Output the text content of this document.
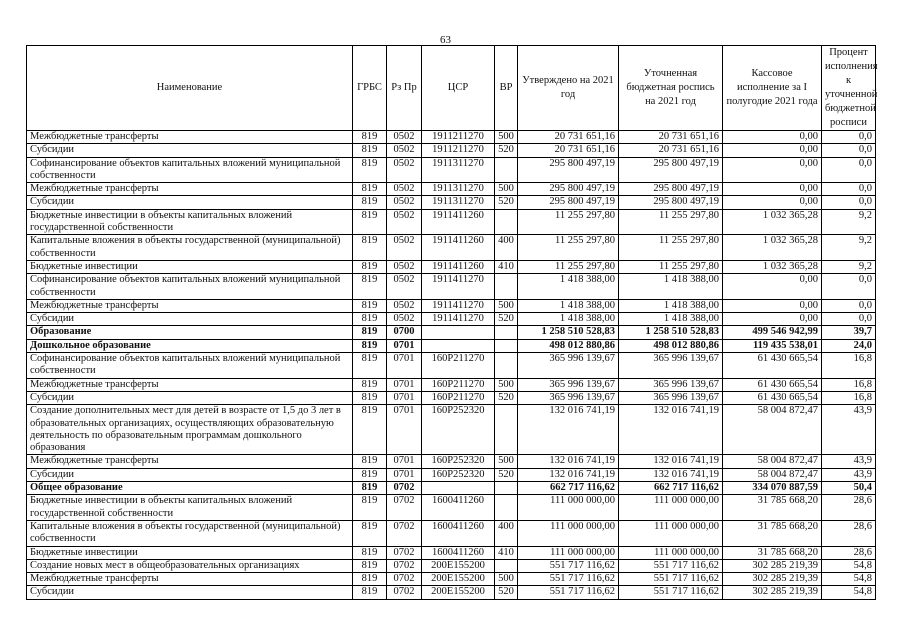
63
Наименование	ГРБС	Рз Пр	ЦСР	ВР	Утверждено на 2021 год	Уточненная бюджетная роспись на 2021 год	Кассовое исполнение за I полугодие 2021 года	Процент исполнения к уточненной бюджетной росписи
Межбюджетные трансферты	819	0502	1911211270	500	20 731 651,16	20 731 651,16	0,00	0,0
Субсидии	819	0502	1911211270	520	20 731 651,16	20 731 651,16	0,00	0,0
Софинансирование объектов капитальных вложений муниципальной собственности	819	0502	1911311270		295 800 497,19	295 800 497,19	0,00	0,0
Межбюджетные трансферты	819	0502	1911311270	500	295 800 497,19	295 800 497,19	0,00	0,0
Субсидии	819	0502	1911311270	520	295 800 497,19	295 800 497,19	0,00	0,0
Бюджетные инвестиции в объекты капитальных вложений государственной собственности	819	0502	1911411260		11 255 297,80	11 255 297,80	1 032 365,28	9,2
Капитальные вложения в объекты государственной (муниципальной) собственности	819	0502	1911411260	400	11 255 297,80	11 255 297,80	1 032 365,28	9,2
Бюджетные инвестиции	819	0502	1911411260	410	11 255 297,80	11 255 297,80	1 032 365,28	9,2
Софинансирование объектов капитальных вложений муниципальной собственности	819	0502	1911411270		1 418 388,00	1 418 388,00	0,00	0,0
Межбюджетные трансферты	819	0502	1911411270	500	1 418 388,00	1 418 388,00	0,00	0,0
Субсидии	819	0502	1911411270	520	1 418 388,00	1 418 388,00	0,00	0,0
Образование	819	0700			1 258 510 528,83	1 258 510 528,83	499 546 942,99	39,7
Дошкольное образование	819	0701			498 012 880,86	498 012 880,86	119 435 538,01	24,0
Софинансирование объектов капитальных вложений муниципальной собственности	819	0701	160P211270		365 996 139,67	365 996 139,67	61 430 665,54	16,8
Межбюджетные трансферты	819	0701	160P211270	500	365 996 139,67	365 996 139,67	61 430 665,54	16,8
Субсидии	819	0701	160P211270	520	365 996 139,67	365 996 139,67	61 430 665,54	16,8
Создание дополнительных мест для детей в возрасте от 1,5 до 3 лет в образовательных организациях, осуществляющих образовательную деятельность по образовательным программам дошкольного образования	819	0701	160P252320		132 016 741,19	132 016 741,19	58 004 872,47	43,9
Межбюджетные трансферты	819	0701	160P252320	500	132 016 741,19	132 016 741,19	58 004 872,47	43,9
Субсидии	819	0701	160P252320	520	132 016 741,19	132 016 741,19	58 004 872,47	43,9
Общее образование	819	0702			662 717 116,62	662 717 116,62	334 070 887,59	50,4
Бюджетные инвестиции в объекты капитальных вложений государственной собственности	819	0702	1600411260		111 000 000,00	111 000 000,00	31 785 668,20	28,6
Капитальные вложения в объекты государственной (муниципальной) собственности	819	0702	1600411260	400	111 000 000,00	111 000 000,00	31 785 668,20	28,6
Бюджетные инвестиции	819	0702	1600411260	410	111 000 000,00	111 000 000,00	31 785 668,20	28,6
Создание новых мест в общеобразовательных организациях	819	0702	200E155200		551 717 116,62	551 717 116,62	302 285 219,39	54,8
Межбюджетные трансферты	819	0702	200E155200	500	551 717 116,62	551 717 116,62	302 285 219,39	54,8
Субсидии	819	0702	200E155200	520	551 717 116,62	551 717 116,62	302 285 219,39	54,8
